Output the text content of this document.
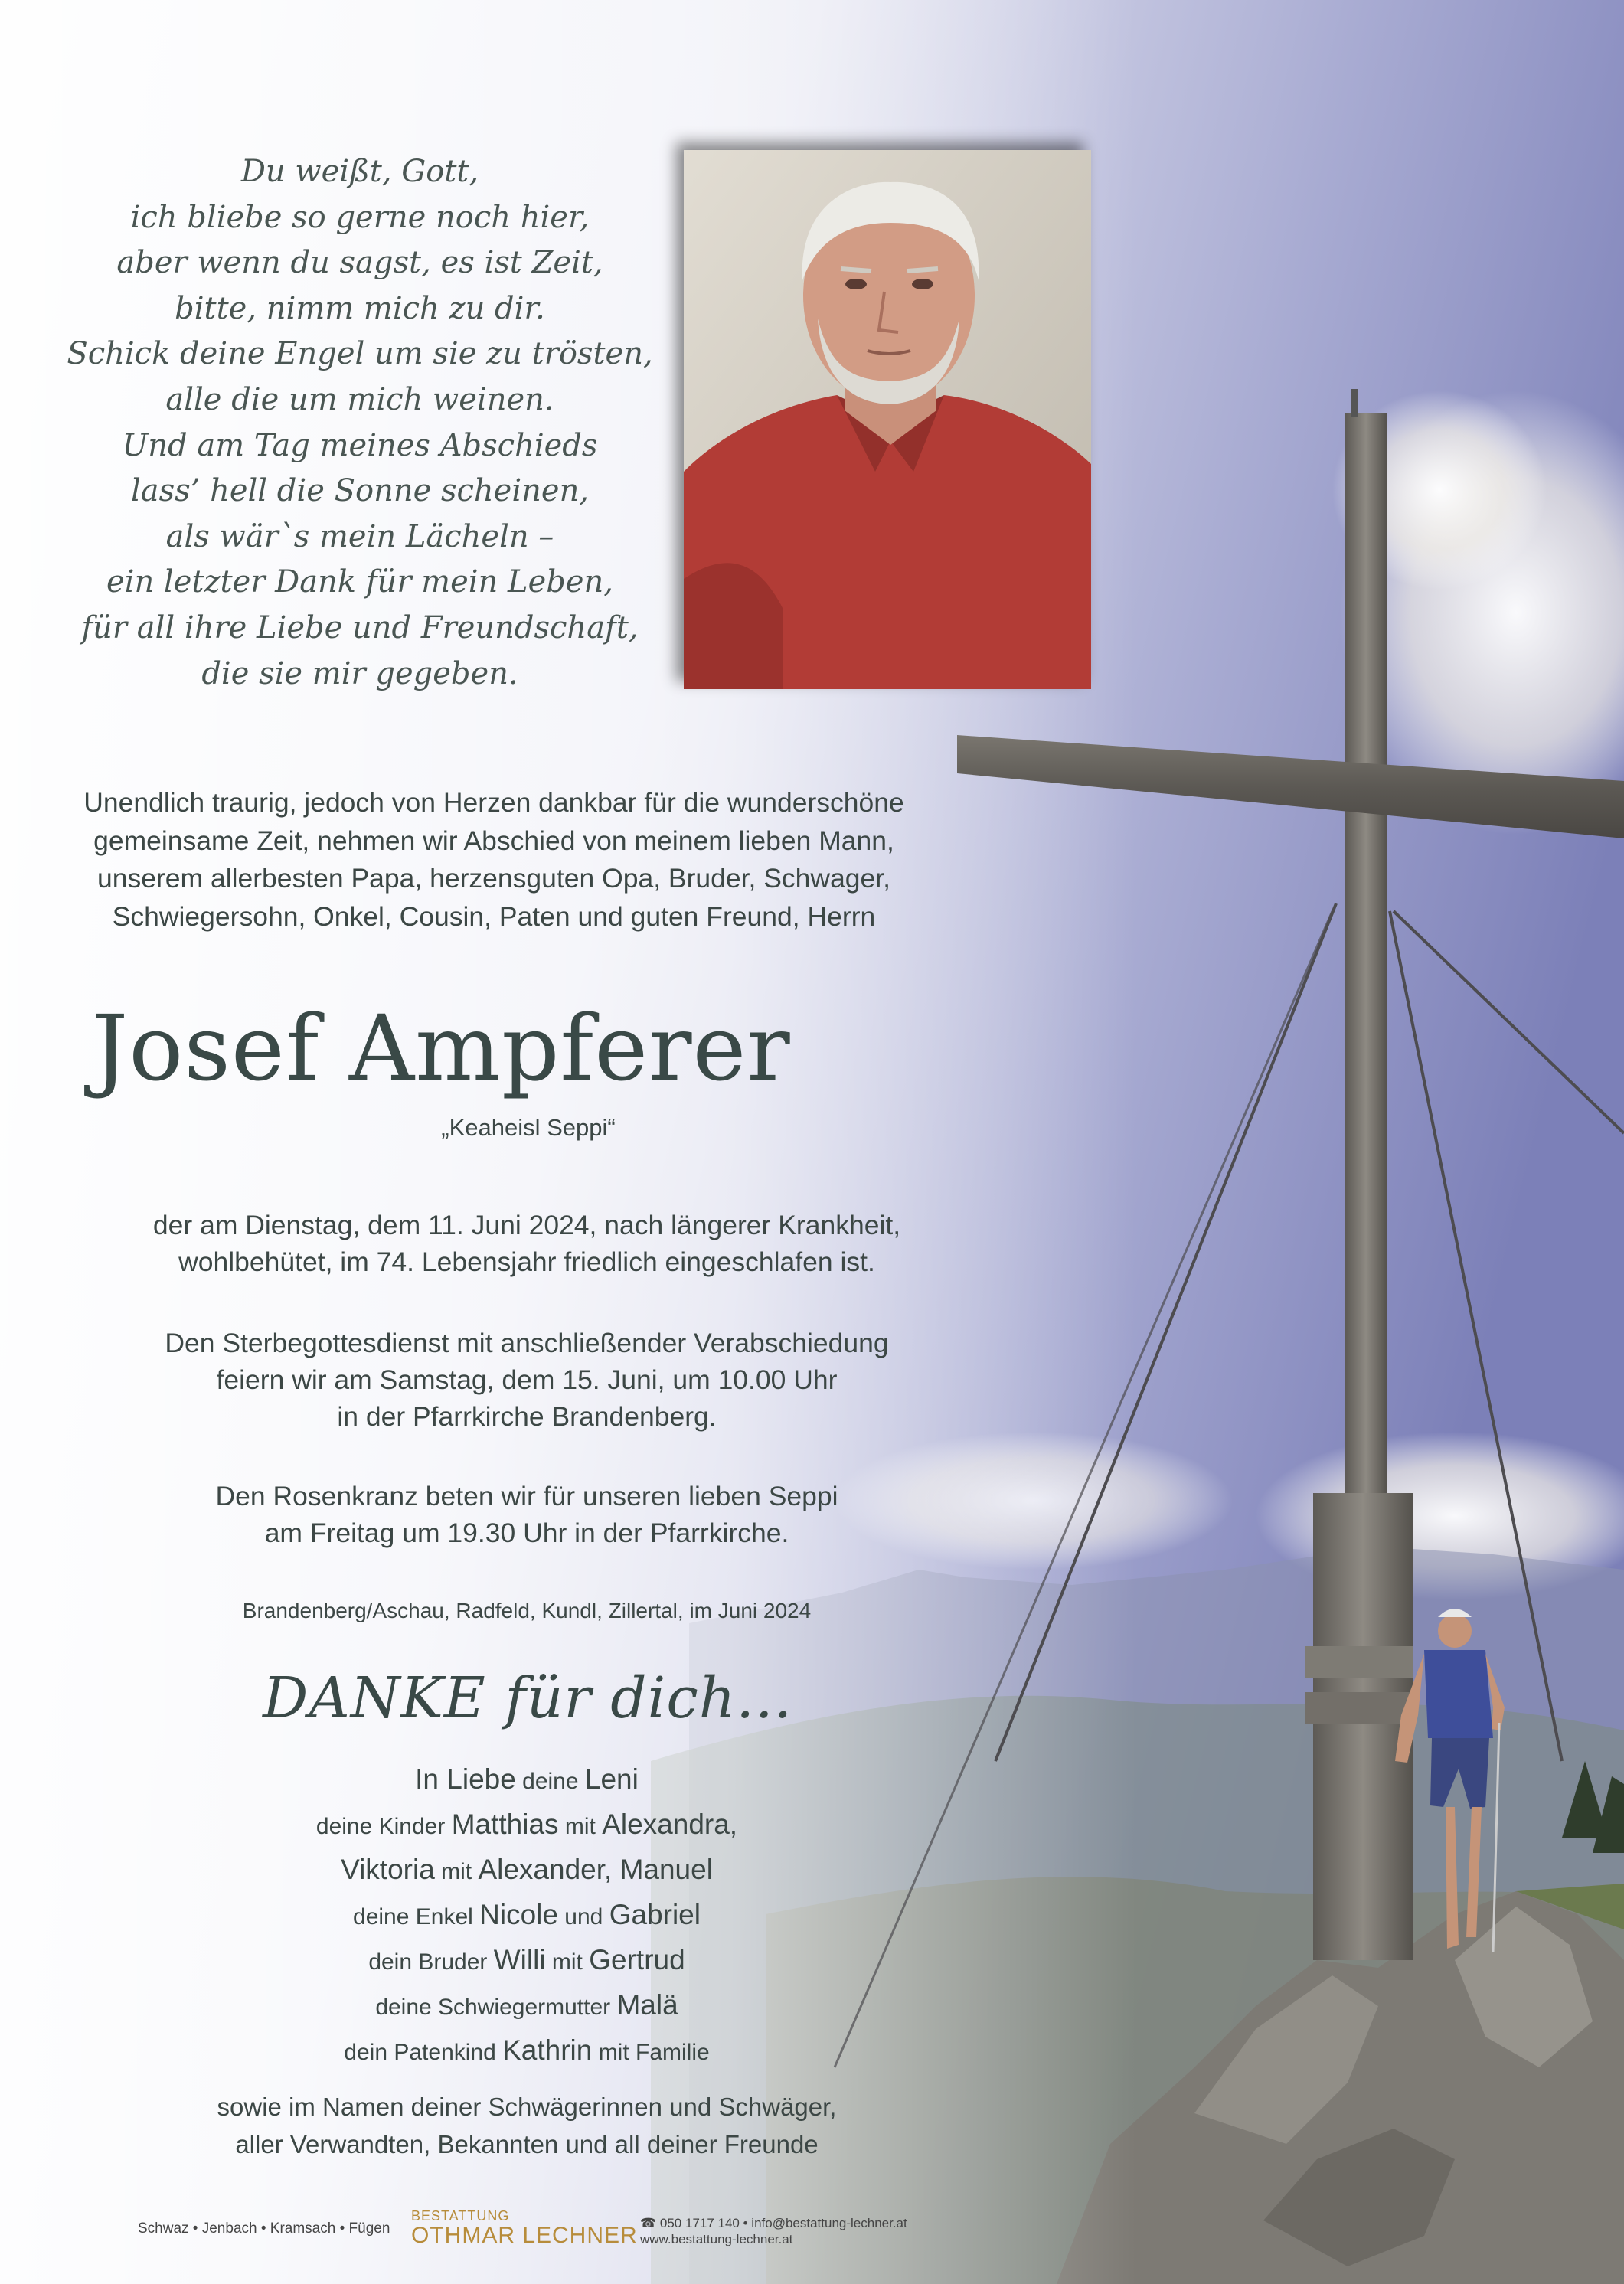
Du weißt, Gott,
ich bliebe so gerne noch hier,
aber wenn du sagst, es ist Zeit,
bitte, nimm mich zu dir.
Schick deine Engel um sie zu trösten,
alle die um mich weinen.
Und am Tag meines Abschieds
lass’ hell die Sonne scheinen,
als wär`s mein Lächeln –
ein letzter Dank für mein Leben,
für all ihre Liebe und Freundschaft,
die sie mir gegeben.
Unendlich traurig, jedoch von Herzen dankbar für die wunderschöne
gemeinsame Zeit, nehmen wir Abschied von meinem lieben Mann,
unserem allerbesten Papa, herzensguten Opa, Bruder, Schwager,
Schwiegersohn, Onkel, Cousin, Paten und guten Freund, Herrn
Josef Ampferer
„Keaheisl Seppi“
der am Dienstag, dem 11. Juni 2024, nach längerer Krankheit,
wohlbehütet, im 74. Lebensjahr friedlich eingeschlafen ist.
Den Sterbegottesdienst mit anschließender Verabschiedung
feiern wir am Samstag, dem 15. Juni, um 10.00 Uhr
in der Pfarrkirche Brandenberg.
Den Rosenkranz beten wir für unseren lieben Seppi
am Freitag um 19.30 Uhr in der Pfarrkirche.
Brandenberg/Aschau, Radfeld, Kundl, Zillertal, im Juni 2024
DANKE für dich...
In Liebe deine Leni
deine Kinder Matthias mit Alexandra,
Viktoria mit Alexander, Manuel
deine Enkel Nicole und Gabriel
dein Bruder Willi mit Gertrud
deine Schwiegermutter Malä
dein Patenkind Kathrin mit Familie
sowie im Namen deiner Schwägerinnen und Schwäger,
aller Verwandten, Bekannten und all deiner Freunde
Schwaz • Jenbach • Kramsach • Fügen
BESTATTUNG
OTHMAR LECHNER ☎ 050 1717 140 • info@bestattung-lechner.at
www.bestattung-lechner.at
